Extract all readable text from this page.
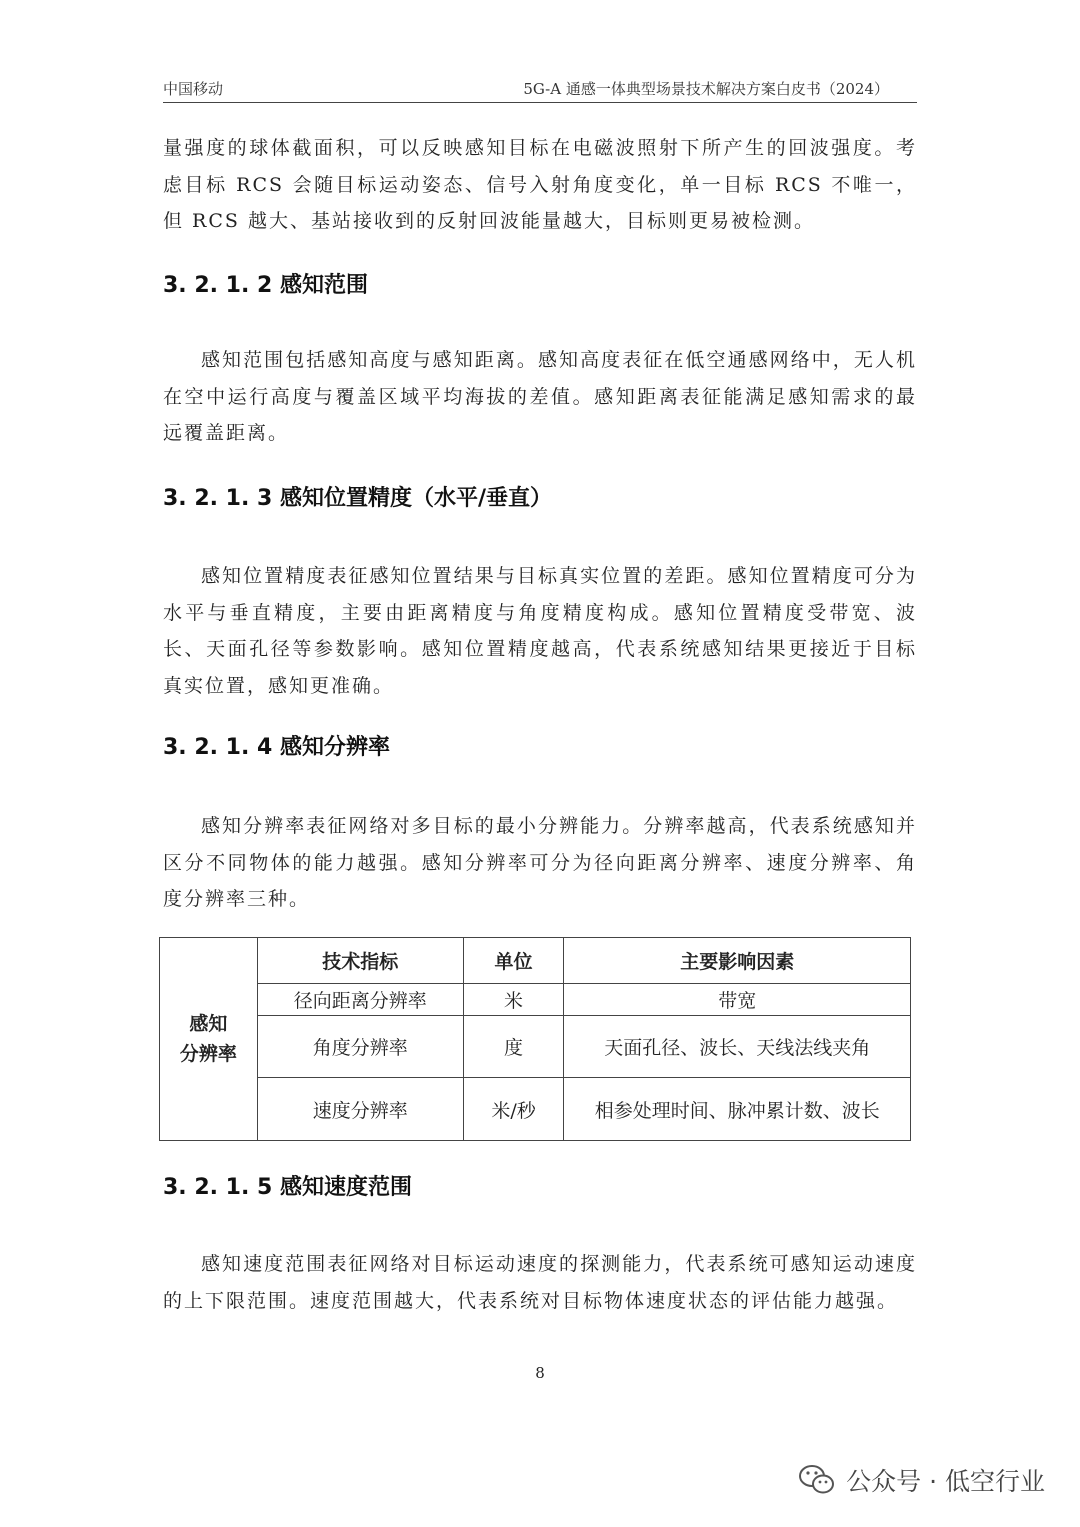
中国移动	5G-A 通感一体典型场景技术解决方案白皮书（2024）
量强度的球体截面积，可以反映感知目标在电磁波照射下所产生的回波强度。考虑目标 RCS 会随目标运动姿态、信号入射角度变化，单一目标 RCS 不唯一，但 RCS 越大、基站接收到的反射回波能量越大，目标则更易被检测。
3. 2. 1. 2 感知范围
感知范围包括感知高度与感知距离。感知高度表征在低空通感网络中，无人机在空中运行高度与覆盖区域平均海拔的差值。感知距离表征能满足感知需求的最远覆盖距离。
3. 2. 1. 3 感知位置精度（水平/垂直）
感知位置精度表征感知位置结果与目标真实位置的差距。感知位置精度可分为水平与垂直精度，主要由距离精度与角度精度构成。感知位置精度受带宽、波长、天面孔径等参数影响。感知位置精度越高，代表系统感知结果更接近于目标真实位置，感知更准确。
3. 2. 1. 4 感知分辨率
感知分辨率表征网络对多目标的最小分辨能力。分辨率越高，代表系统感知并区分不同物体的能力越强。感知分辨率可分为径向距离分辨率、速度分辨率、角度分辨率三种。
感知
分辨率	技术指标	单位	主要影响因素
	径向距离分辨率	米	带宽
	角度分辨率	度	天面孔径、波长、天线法线夹角
	速度分辨率	米/秒	相参处理时间、脉冲累计数、波长
3. 2. 1. 5 感知速度范围
感知速度范围表征网络对目标运动速度的探测能力，代表系统可感知运动速度的上下限范围。速度范围越大，代表系统对目标物体速度状态的评估能力越强。
8
公众号 · 低空行业
